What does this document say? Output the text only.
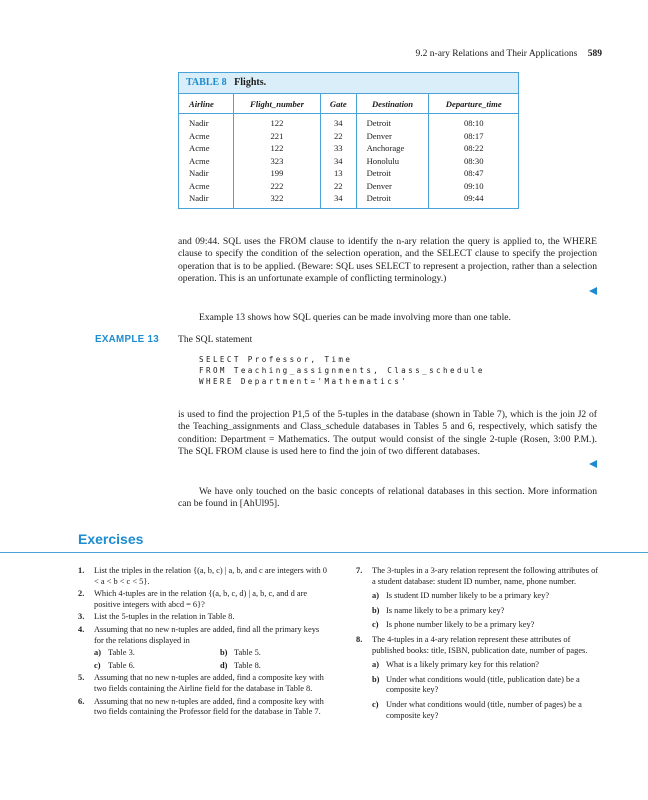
9.2 n-ary Relations and Their Applications 589
TABLE 8 Flights.
Airline	Flight_number	Gate	Destination	Departure_time
Nadir	122	34	Detroit	08:10
Acme	221	22	Denver	08:17
Acme	122	33	Anchorage	08:22
Acme	323	34	Honolulu	08:30
Nadir	199	13	Detroit	08:47
Acme	222	22	Denver	09:10
Nadir	322	34	Detroit	09:44
and 09:44. SQL uses the FROM clause to identify the n-ary relation the query is applied to, the WHERE clause to specify the condition of the selection operation, and the SELECT clause to specify the projection operation that is to be applied. (Beware: SQL uses SELECT to represent a projection, rather than a selection operation. This is an unfortunate example of conflicting terminology.)
Example 13 shows how SQL queries can be made involving more than one table.
EXAMPLE 13 The SQL statement
SELECT Professor, Time
FROM Teaching_assignments, Class_schedule
WHERE Department='Mathematics'
is used to find the projection P1,5 of the 5-tuples in the database (shown in Table 7), which is the join J2 of the Teaching_assignments and Class_schedule databases in Tables 5 and 6, respectively, which satisfy the condition: Department = Mathematics. The output would consist of the single 2-tuple (Rosen, 3:00 P.M.). The SQL FROM clause is used here to find the join of two different databases.
We have only touched on the basic concepts of relational databases in this section. More information can be found in [AhUl95].
Exercises
1. List the triples in the relation {(a, b, c) | a, b, and c are integers with 0 < a < b < c < 5}.
2. Which 4-tuples are in the relation {(a, b, c, d) | a, b, c, and d are positive integers with abcd = 6}?
3. List the 5-tuples in the relation in Table 8.
4. Assuming that no new n-tuples are added, find all the primary keys for the relations displayed in
a) Table 3.	b) Table 5.
c) Table 6.	d) Table 8.
5. Assuming that no new n-tuples are added, find a composite key with two fields containing the Airline field for the database in Table 8.
6. Assuming that no new n-tuples are added, find a composite key with two fields containing the Professor field for the database in Table 7.
7. The 3-tuples in a 3-ary relation represent the following attributes of a student database: student ID number, name, phone number.
a) Is student ID number likely to be a primary key?
b) Is name likely to be a primary key?
c) Is phone number likely to be a primary key?
8. The 4-tuples in a 4-ary relation represent these attributes of published books: title, ISBN, publication date, number of pages.
a) What is a likely primary key for this relation?
b) Under what conditions would (title, publication date) be a composite key?
c) Under what conditions would (title, number of pages) be a composite key?
